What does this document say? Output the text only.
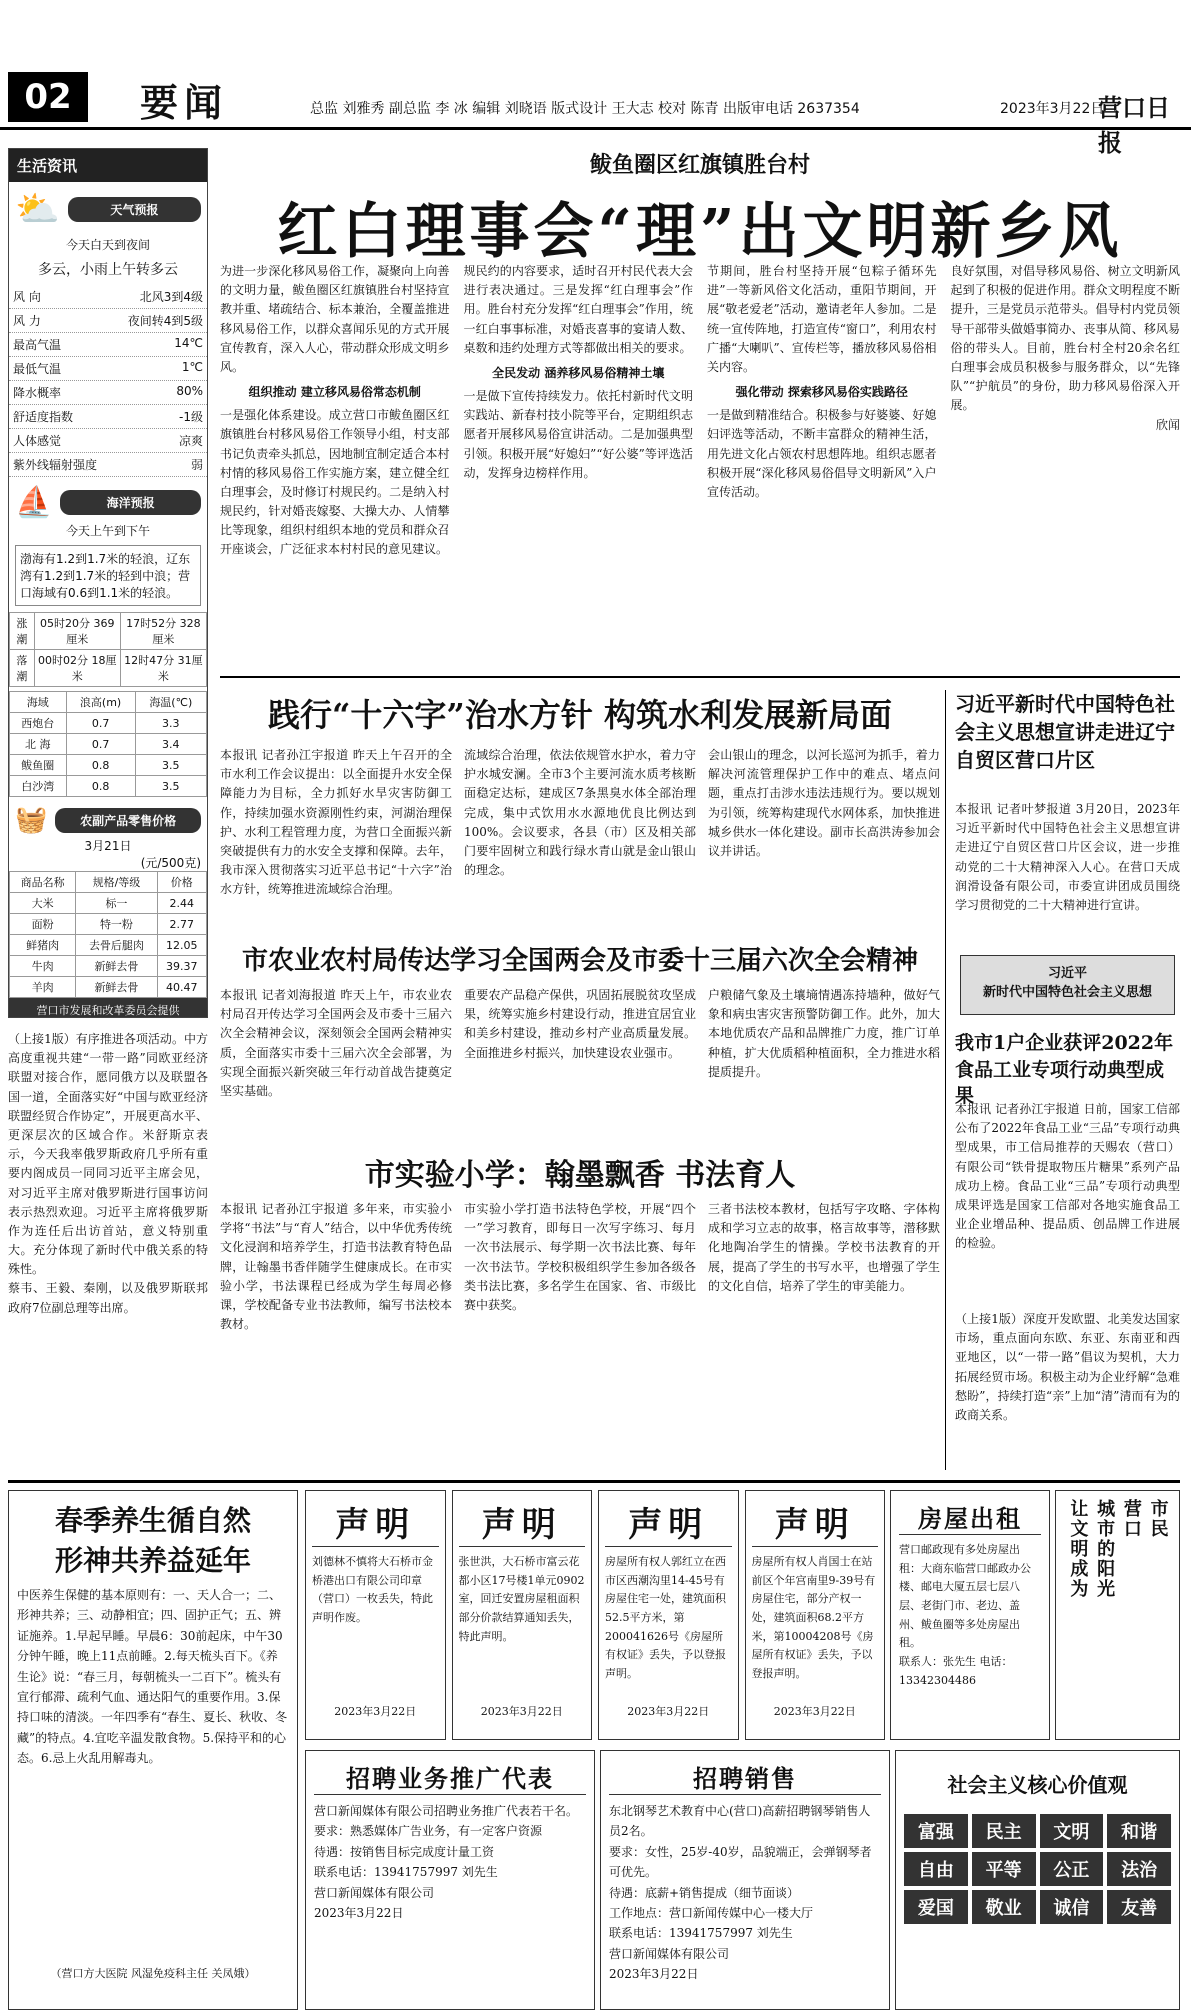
02	要闻	总监 刘雅秀 副总监 李 冰 编辑 刘晓语 版式设计 王大志 校对 陈青 出版审电话 2637354	2023年3月22日
营口日报
生活资讯
⛅	天气预报
今天白天到夜间
多云，小雨上午转多云
风 向	北风3到4级
风 力	夜间转4到5级
最高气温	14℃
最低气温	1℃
降水概率	80%
舒适度指数	-1级
人体感觉	凉爽
紫外线辐射强度	弱
⛵	海洋预报
今天上午到下午
渤海有1.2到1.7米的轻浪，辽东湾有1.2到1.7米的轻到中浪；营口海域有0.6到1.1米的轻浪。
涨潮	05时20分 369厘米	17时52分 328厘米
落潮	00时02分 18厘米	12时47分 31厘米
海域	浪高(m)	海温(℃)
西炮台	0.7	3.3
北 海	0.7	3.4
鲅鱼圈	0.8	3.5
白沙湾	0.8	3.5
🧺	农副产品零售价格
3月21日
(元/500克)
商品名称	规格/等级	价格
大米	标一	2.44
面粉	特一粉	2.77
鲜猪肉	去骨后腿肉	12.05
牛肉	新鲜去骨	39.37
羊肉	新鲜去骨	40.47
营口市发展和改革委员会提供

（上接1版）有序推进各项活动。中方高度重视共建“一带一路”同欧亚经济联盟对接合作，愿同俄方以及联盟各国一道，全面落实好“中国与欧亚经济联盟经贸合作协定”，开展更高水平、更深层次的区域合作。米舒斯京表示，今天我率俄罗斯政府几乎所有重要内阁成员一同同习近平主席会见，对习近平主席对俄罗斯进行国事访问表示热烈欢迎。习近平主席将俄罗斯作为连任后出访首站，意义特别重大。充分体现了新时代中俄关系的特殊性。

蔡韦、王毅、秦刚，以及俄罗斯联邦政府7位副总理等出席。

鲅鱼圈区红旗镇胜台村
红白理事会“理”出文明新乡风

为进一步深化移风易俗工作，凝聚向上向善的文明力量，鲅鱼圈区红旗镇胜台村坚持宣教并重、堵疏结合、标本兼治，全覆盖推进移风易俗工作，以群众喜闻乐见的方式开展宣传教育，深入人心，带动群众形成文明乡风。

组织推动 建立移风易俗常态机制

一是强化体系建设。成立营口市鲅鱼圈区红旗镇胜台村移风易俗工作领导小组，村支部书记负责牵头抓总，因地制宜制定适合本村村情的移风易俗工作实施方案，建立健全红白理事会，及时修订村规民约。二是纳入村规民约，针对婚丧嫁娶、大操大办、人情攀比等现象，组织村组织本地的党员和群众召开座谈会，广泛征求本村村民的意见建议。

规民约的内容要求，适时召开村民代表大会进行表决通过。三是发挥“红白理事会”作用。胜台村充分发挥“红白理事会”作用，统一红白事事标准，对婚丧喜事的宴请人数、桌数和违约处理方式等都做出相关的要求。

全民发动 涵养移风易俗精神土壤

一是做下宣传持续发力。依托村新时代文明实践站、新春村技小院等平台，定期组织志愿者开展移风易俗宣讲活动。二是加强典型引领。积极开展“好媳妇”“好公婆”等评选活动，发挥身边榜样作用。

节期间，胜台村坚持开展“包粽子循环先进”一等新风俗文化活动，重阳节期间，开展“敬老爱老”活动，邀请老年人参加。二是统一宣传阵地，打造宣传“窗口”，利用农村广播“大喇叭”、宣传栏等，播放移风易俗相关内容。

强化带动 探索移风易俗实践路径

一是做到精准结合。积极参与好婆婆、好媳妇评选等活动，不断丰富群众的精神生活，用先进文化占领农村思想阵地。组织志愿者积极开展“深化移风易俗倡导文明新风”入户宣传活动。

良好氛围，对倡导移风易俗、树立文明新风起到了积极的促进作用。群众文明程度不断提升，三是党员示范带头。倡导村内党员领导干部带头做婚事简办、丧事从简、移风易俗的带头人。目前，胜台村全村20余名红白理事会成员积极参与服务群众，以“先锋队”“护航员”的身份，助力移风易俗深入开展。

欣闻

践行“十六字”治水方针 构筑水利发展新局面
本报讯 记者孙江宇报道 昨天上午召开的全市水利工作会议提出：以全面提升水安全保障能力为目标，全力抓好水旱灾害防御工作，持续加强水资源刚性约束，河湖治理保护、水利工程管理力度，为营口全面振兴新突破提供有力的水安全支撑和保障。去年，我市深入贯彻落实习近平总书记“十六字”治水方针，统筹推进流域综合治理。
流域综合治理，依法依规管水护水，着力守护水城安澜。全市3个主要河流水质考核断面稳定达标，建成区7条黑臭水体全部治理完成，集中式饮用水水源地优良比例达到100%。会议要求，各县（市）区及相关部门要牢固树立和践行绿水青山就是金山银山的理念。
会山银山的理念，以河长巡河为抓手，着力解决河流管理保护工作中的难点、堵点问题，重点打击涉水违法违规行为。要以规划为引领，统筹构建现代水网体系，加快推进城乡供水一体化建设。副市长高洪涛参加会议并讲话。
市农业农村局传达学习全国两会及市委十三届六次全会精神
本报讯 记者刘海报道 昨天上午，市农业农村局召开传达学习全国两会及市委十三届六次全会精神会议，深刻领会全国两会精神实质，全面落实市委十三届六次全会部署，为实现全面振兴新突破三年行动首战告捷奠定坚实基础。
重要农产品稳产保供，巩固拓展脱贫攻坚成果，统筹实施乡村建设行动，推进宜居宜业和美乡村建设，推动乡村产业高质量发展。全面推进乡村振兴，加快建设农业强市。
户粮储气象及土壤墒情遇冻持墙种，做好气象和病虫害灾害预警防御工作。此外，加大本地优质农产品和品牌推广力度，推广订单种植，扩大优质稻种植面积，全力推进水稻提质提升。
市实验小学：翰墨飘香 书法育人
本报讯 记者孙江宇报道 多年来，市实验小学将“书法”与“育人”结合，以中华优秀传统文化浸润和培养学生，打造书法教育特色品牌，让翰墨书香伴随学生健康成长。在市实验小学，书法课程已经成为学生每周必修课，学校配备专业书法教师，编写书法校本教材。
市实验小学打造书法特色学校，开展“四个一”学习教育，即每日一次写字练习、每月一次书法展示、每学期一次书法比赛、每年一次书法节。学校积极组织学生参加各级各类书法比赛，多名学生在国家、省、市级比赛中获奖。
三者书法校本教材，包括写字攻略、字体构成和学习立志的故事，格言故事等，潜移默化地陶冶学生的情操。学校书法教育的开展，提高了学生的书写水平，也增强了学生的文化自信，培养了学生的审美能力。
习近平新时代中国特色社会主义思想宣讲走进辽宁自贸区营口片区
本报讯 记者叶梦报道 3月20日，2023年习近平新时代中国特色社会主义思想宣讲走进辽宁自贸区营口片区会议，进一步推动党的二十大精神深入人心。在营口天成润滑设备有限公司，市委宣讲团成员围绕学习贯彻党的二十大精神进行宣讲。
习近平
新时代中国特色社会主义思想
我市1户企业获评2022年食品工业专项行动典型成果
本报讯 记者孙江宇报道 日前，国家工信部公布了2022年食品工业“三品”专项行动典型成果，市工信局推荐的天赐农（营口）有限公司“铁骨提取物压片糖果”系列产品成功上榜。食品工业“三品”专项行动典型成果评选是国家工信部对各地实施食品工业企业增品种、提品质、创品牌工作进展的检验。
（上接1版）深度开发欧盟、北美发达国家市场，重点面向东欧、东亚、东南亚和西亚地区，以“一带一路”倡议为契机，大力拓展经贸市场。积极主动为企业纾解“急难愁盼”，持续打造“亲”上加“清”清而有为的政商关系。
春季养生循自然
形神共养益延年
中医养生保健的基本原则有：一、天人合一；二、形神共养；三、动静相宜；四、固护正气；五、辨证施养。1.早起早睡。早晨6：30前起床，中午30分钟午睡，晚上11点前睡。2.每天梳头百下。《养生论》说：“春三月，每朝梳头一二百下”。梳头有宣行郁滞、疏利气血、通达阳气的重要作用。3.保持口味的清淡。一年四季有“春生、夏长、秋收、冬藏”的特点。4.宜吃辛温发散食物。5.保持平和的心态。6.忌上火乱用解毒丸。
（营口方大医院 风湿免疫科主任 关凤娥）
声明
刘德林不慎将大石桥市金桥港出口有限公司印章（营口）一枚丢失，特此声明作废。
2023年3月22日
声明
张世洪，大石桥市富云花都小区17号楼1单元0902室，回迁安置房屋租面积部分价款结算通知丢失，特此声明。
2023年3月22日
声明
房屋所有权人郭红立在西市区西潮沟里14-45号有房屋住宅一处，建筑面积52.5平方米，第200041626号《房屋所有权证》丢失，予以登报声明。
2023年3月22日
声明
房屋所有权人肖国士在站前区个年宫南里9-39号有房屋住宅，部分产权一处，建筑面积68.2平方米，第10004208号《房屋所有权证》丢失，予以登报声明。
2023年3月22日
房屋出租
营口邮政现有多处房屋出租：大商东临营口邮政办公楼、邮电大厦五层七层八层、老街门市、老边、盖州、鲅鱼圈等多处房屋出租。
联系人：张先生 电话：13342304486
让文明成为 城市的阳光 营口 市民
招聘业务推广代表
营口新闻媒体有限公司招聘业务推广代表若干名。
要求：熟悉媒体广告业务，有一定客户资源
待遇：按销售目标完成度计量工资
联系电话：13941757997 刘先生
营口新闻媒体有限公司
2023年3月22日
招聘销售
东北钢琴艺术教育中心(营口)高薪招聘钢琴销售人员2名。
要求：女性，25岁-40岁，品貌端正，会弹钢琴者可优先。
待遇：底薪+销售提成（细节面谈）
工作地点：营口新闻传媒中心一楼大厅
联系电话：13941757997 刘先生
营口新闻媒体有限公司
2023年3月22日
社会主义核心价值观
富强	民主	文明	和谐
自由	平等	公正	法治
爱国	敬业	诚信	友善
